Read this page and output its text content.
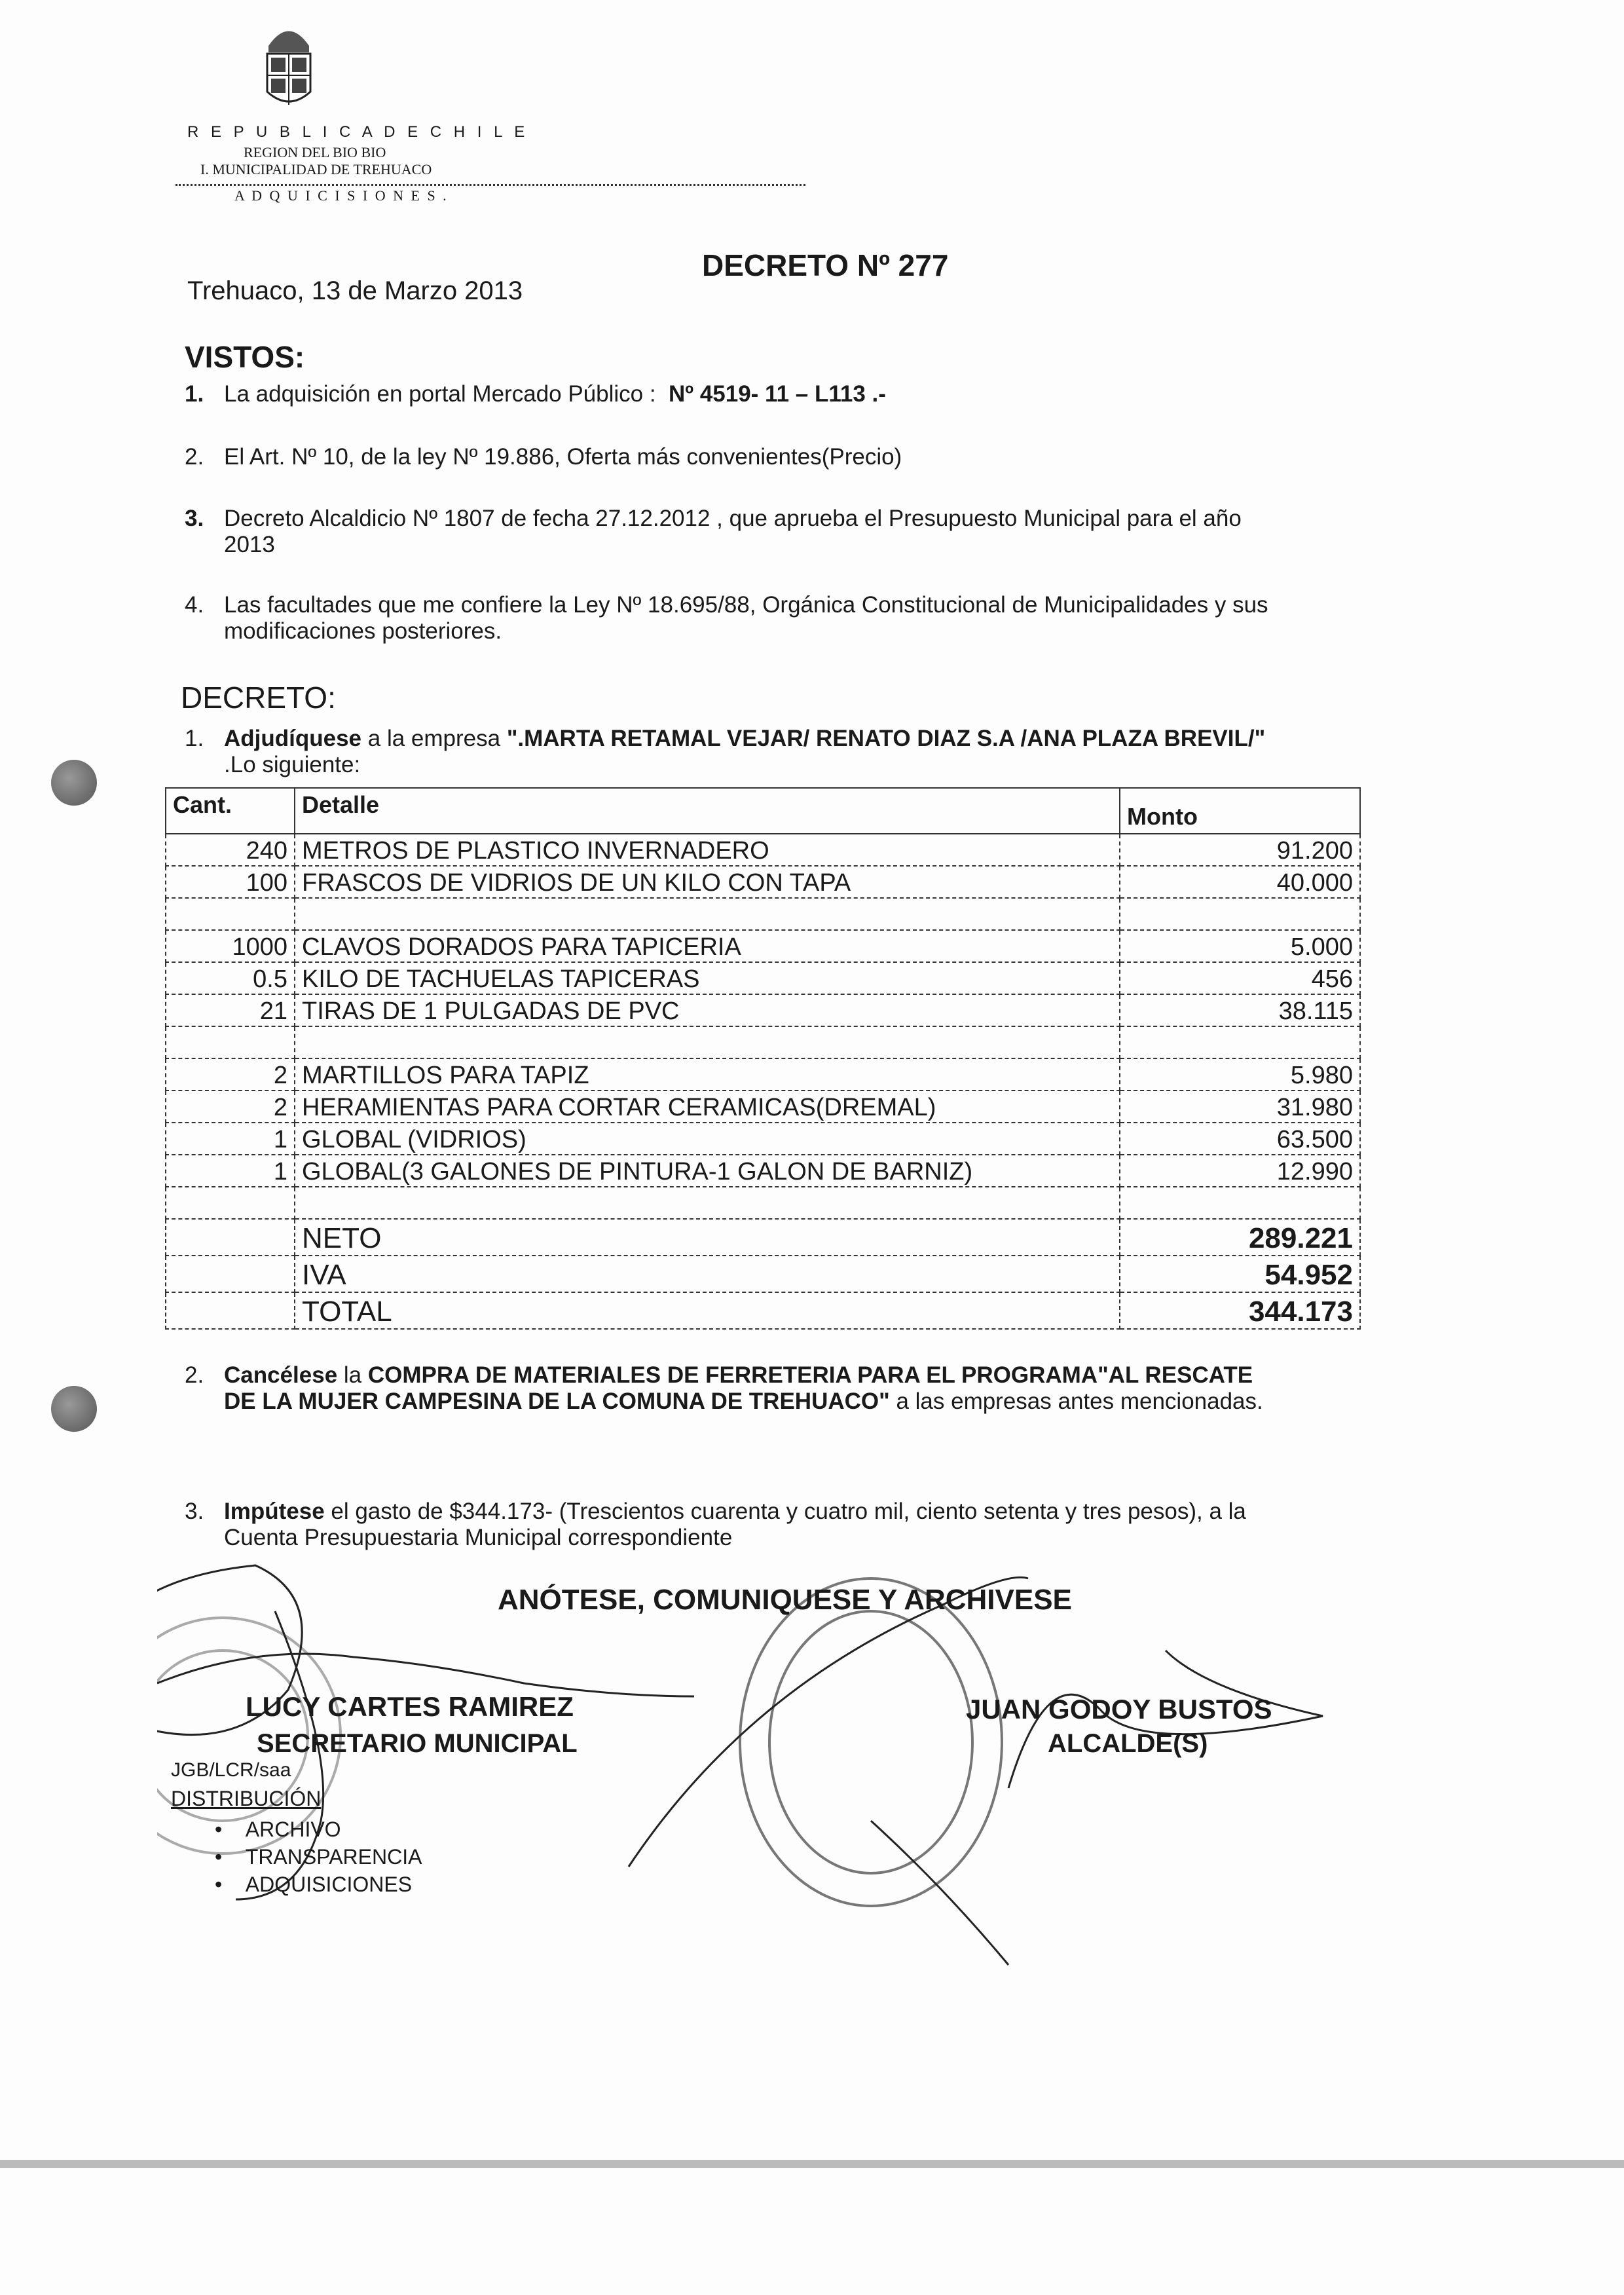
R E P U B L I C A D E C H I L E
REGION DEL BIO BIO
I. MUNICIPALIDAD DE TREHUACO
A D Q U I C I S I O N E S .
DECRETO Nº 277
Trehuaco, 13 de Marzo 2013
VISTOS:
1. La adquisición en portal Mercado Público : Nº 4519- 11 – L113 .-
2. El Art. Nº 10, de la ley Nº 19.886, Oferta más convenientes(Precio)
3. Decreto Alcaldicio Nº 1807 de fecha 27.12.2012 , que aprueba el Presupuesto Municipal para el año
2013
4. Las facultades que me confiere la Ley Nº 18.695/88, Orgánica Constitucional de Municipalidades y sus
modificaciones posteriores.
DECRETO:
1. Adjudíquese a la empresa ".MARTA RETAMAL VEJAR/ RENATO DIAZ S.A /ANA PLAZA BREVIL/"
.Lo siguiente:
Cant.	Detalle	Monto
240	METROS DE PLASTICO INVERNADERO	91.200
100	FRASCOS DE VIDRIOS DE UN KILO CON TAPA	40.000

1000	CLAVOS DORADOS PARA TAPICERIA	5.000
0.5	KILO DE TACHUELAS TAPICERAS	456
21	TIRAS DE 1 PULGADAS DE PVC	38.115

2	MARTILLOS PARA TAPIZ	5.980
2	HERAMIENTAS PARA CORTAR CERAMICAS(DREMAL)	31.980
1	GLOBAL (VIDRIOS)	63.500
1	GLOBAL(3 GALONES DE PINTURA-1 GALON DE BARNIZ)	12.990

	NETO	289.221
	IVA	54.952
	TOTAL	344.173
2. Cancélese la COMPRA DE MATERIALES DE FERRETERIA PARA EL PROGRAMA"AL RESCATE
DE LA MUJER CAMPESINA DE LA COMUNA DE TREHUACO" a las empresas antes mencionadas.
3. Impútese el gasto de $344.173- (Trescientos cuarenta y cuatro mil, ciento setenta y tres pesos), a la
Cuenta Presupuestaria Municipal correspondiente
ANÓTESE, COMUNIQUESE Y ARCHIVESE
LUCY CARTES RAMIREZ
SECRETARIO MUNICIPAL
JUAN GODOY BUSTOS
ALCALDE(S)
JGB/LCR/saa
DISTRIBUCIÓN
•    ARCHIVO
•    TRANSPARENCIA
•    ADQUISICIONES
